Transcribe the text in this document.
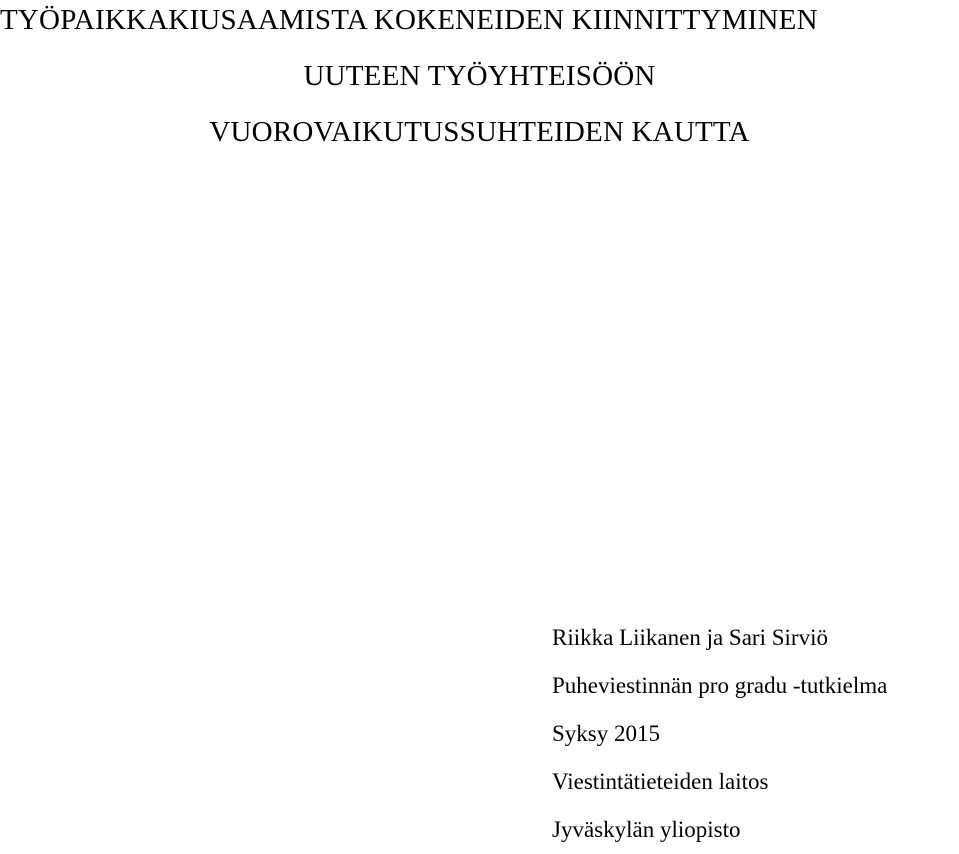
TYÖPAIKKAKIUSAAMISTA KOKENEIDEN KIINNITTYMINEN

UUTEEN TYÖYHTEISÖÖN

VUOROVAIKUTUSSUHTEIDEN KAUTTA

Riikka Liikanen ja Sari Sirviö

Puheviestinnän pro gradu -tutkielma

Syksy 2015

Viestintätieteiden laitos

Jyväskylän yliopisto
